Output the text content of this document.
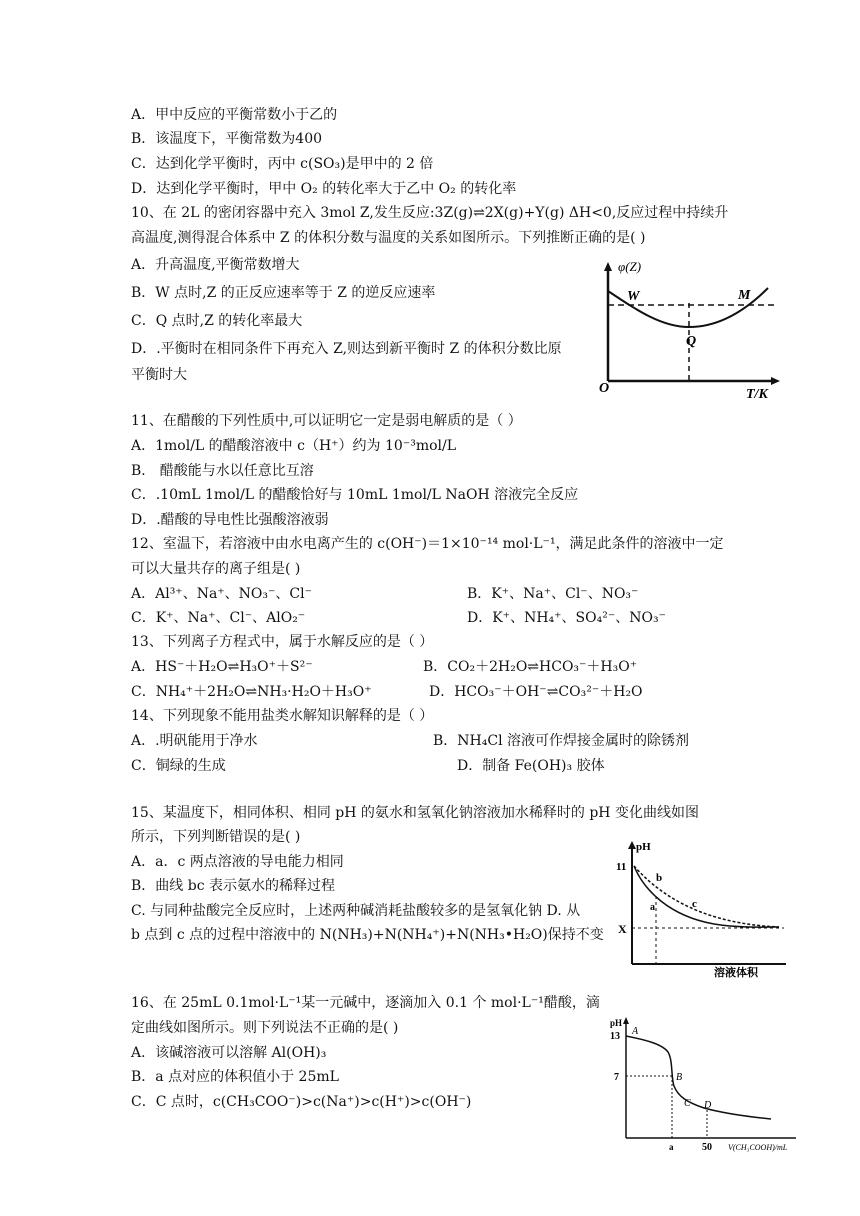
A．甲中反应的平衡常数小于乙的
B．该温度下，平衡常数为400
C．达到化学平衡时，丙中 c(SO₃)是甲中的 2 倍
D．达到化学平衡时，甲中 O₂ 的转化率大于乙中 O₂ 的转化率
10、在 2L 的密闭容器中充入 3mol Z,发生反应:3Z(g)⇌2X(g)+Y(g) ΔH<0,反应过程中持续升
高温度,测得混合体系中 Z 的体积分数与温度的关系如图所示。下列推断正确的是( )
A．升高温度,平衡常数增大
B．W 点时,Z 的正反应速率等于 Z 的逆反应速率
C．Q 点时,Z 的转化率最大
D．.平衡时在相同条件下再充入 Z,则达到新平衡时 Z 的体积分数比原
平衡时大
φ(Z)
T/K
O
W
Q
M
11、在醋酸的下列性质中,可以证明它一定是弱电解质的是（ ）
A．1mol/L 的醋酸溶液中 c（H⁺）约为 10⁻³mol/L
B． 醋酸能与水以任意比互溶
C．.10mL 1mol/L 的醋酸恰好与 10mL 1mol/L NaOH 溶液完全反应
D．.醋酸的导电性比强酸溶液弱
12、室温下，若溶液中由水电离产生的 c(OH⁻)＝1×10⁻¹⁴ mol·L⁻¹，满足此条件的溶液中一定
可以大量共存的离子组是( )
A．Al³⁺、Na⁺、NO₃⁻、Cl⁻	B．K⁺、Na⁺、Cl⁻、NO₃⁻
C．K⁺、Na⁺、Cl⁻、AlO₂⁻	D．K⁺、NH₄⁺、SO₄²⁻、NO₃⁻
13、下列离子方程式中，属于水解反应的是（ ）
A．HS⁻＋H₂O⇌H₃O⁺＋S²⁻	B．CO₂＋2H₂O⇌HCO₃⁻＋H₃O⁺
C．NH₄⁺＋2H₂O⇌NH₃·H₂O＋H₃O⁺	D．HCO₃⁻＋OH⁻⇌CO₃²⁻＋H₂O
14、下列现象不能用盐类水解知识解释的是（ ）
A．.明矾能用于净水	B．NH₄Cl 溶液可作焊接金属时的除锈剂
C．铜绿的生成	D．制备 Fe(OH)₃ 胶体
15、某温度下，相同体积、相同 pH 的氨水和氢氧化钠溶液加水稀释时的 pH 变化曲线如图
所示，下列判断错误的是( )
A．a．c 两点溶液的导电能力相同
B．曲线 bc 表示氨水的稀释过程
C. 与同种盐酸完全反应时，上述两种碱消耗盐酸较多的是氢氧化钠 D. 从
b 点到 c 点的过程中溶液中的 N(NH₃)+N(NH₄⁺)+N(NH₃•H₂O)保持不变
pH
11
X
b
c
a
溶液体积
16、在 25mL 0.1mol·L⁻¹某一元碱中，逐滴加入 0.1 个 mol·L⁻¹醋酸，滴
定曲线如图所示。则下列说法不正确的是( )
A．该碱溶液可以溶解 Al(OH)₃
B．a 点对应的体积值小于 25mL
C．C 点时，c(CH₃COO⁻)>c(Na⁺)>c(H⁺)>c(OH⁻)
pH
13
7
a	50 V(CH₃COOH)/mL
A
B
C D
